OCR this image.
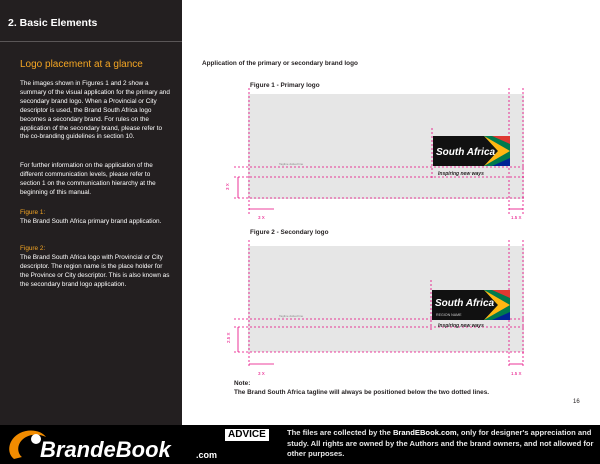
2. Basic Elements
Logo placement at a glance
The images shown in Figures 1 and 2 show a summary of the visual application for the primary and secondary brand logo. When a Provincial or City descriptor is used, the Brand South Africa logo becomes a secondary brand. For rules on the application of the secondary brand, please refer to the co-branding guidelines in section 10.
For further information on the application of the different communication levels, please refer to section 1 on the communication hierarchy at the beginning of this manual.
Figure 1:
The Brand South Africa primary brand application.
Figure 2:
The Brand South Africa logo with Provincial or City descriptor. The region name is the place holder for the Province or City descriptor. This is also known as the secondary brand logo application.
Application of the primary or secondary brand logo
Figure 1 - Primary logo
Tagline dotted line
3 X
3 X	1.5 X
South Africa
Inspiring new ways
Figure 2 - Secondary logo
Tagline dotted line
2.5 X
3 X	1.5 X
South Africa
REGION NAME
Inspiring new ways
Note:
The Brand South Africa tagline will always be positioned below the two dotted lines.
16
BrandeBook	.com
ADVICE	The files are collected by the BrandEBook.com, only for designer's appreciation and study. All rights are owned by the Authors and the brand owners, and not allowed for other purposes.
